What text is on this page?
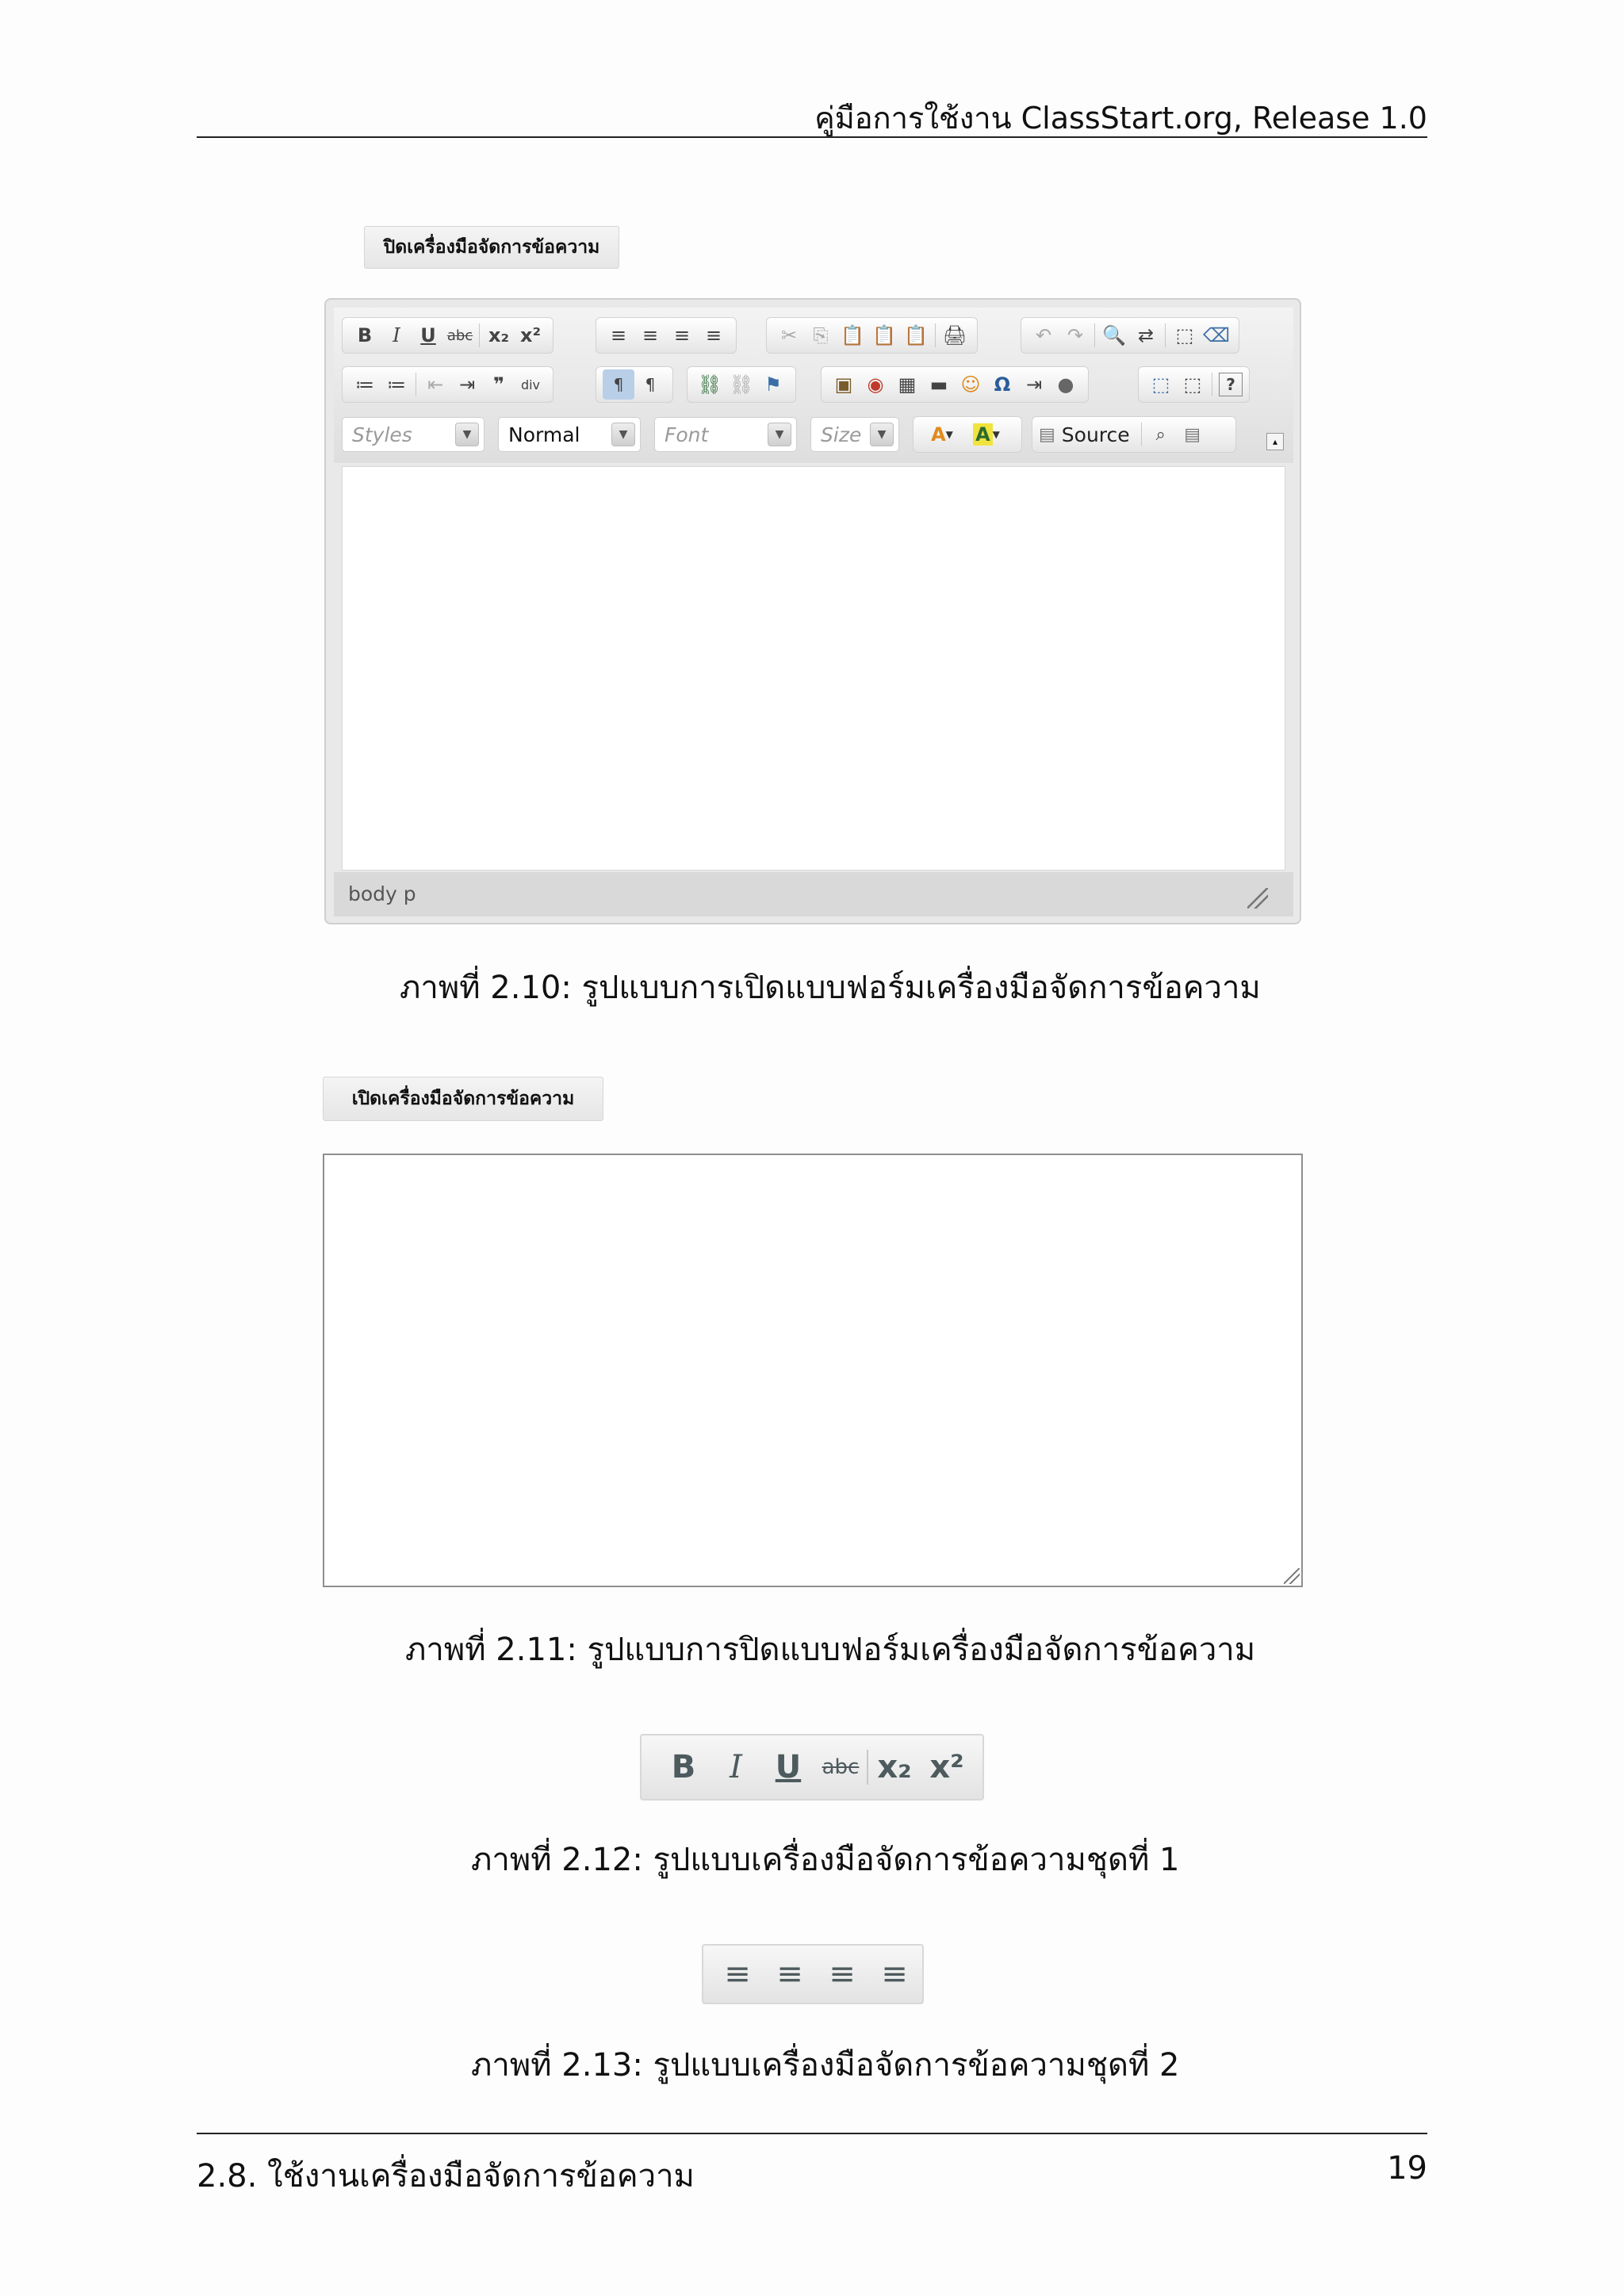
คู่มือการใช้งาน ClassStart.org, Release 1.0
ปิดเครื่องมือจัดการข้อความ
B	I	U abc x₂ x²	≡ ≡ ≡ ≡	✂ ⎘ 📋 📋 📋 🖨	↶ ↷	🔍 ⇄	⬚ ⌫
≔ ≔	⇤ ⇥ ❞	div	¶	¶	⛓ ⛓ ⚑	▣ ◉ ▦ ▬ ☺ Ω ⇥ ●	⬚ ⬚	?
Styles	▼	Normal	▼	Font	▼	Size	▼	A ▼ A ▼ ▤ Source	⌕	▤	▴
body p
ภาพที่ 2.10: รูปแบบการเปิดแบบฟอร์มเครื่องมือจัดการข้อความ
เปิดเครื่องมือจัดการข้อความ
ภาพที่ 2.11: รูปแบบการปิดแบบฟอร์มเครื่องมือจัดการข้อความ
B	I	U	abc x₂ x²
ภาพที่ 2.12: รูปแบบเครื่องมือจัดการข้อความชุดที่ 1
≡ ≡ ≡ ≡
ภาพที่ 2.13: รูปแบบเครื่องมือจัดการข้อความชุดที่ 2
2.8. ใช้งานเครื่องมือจัดการข้อความ	19
